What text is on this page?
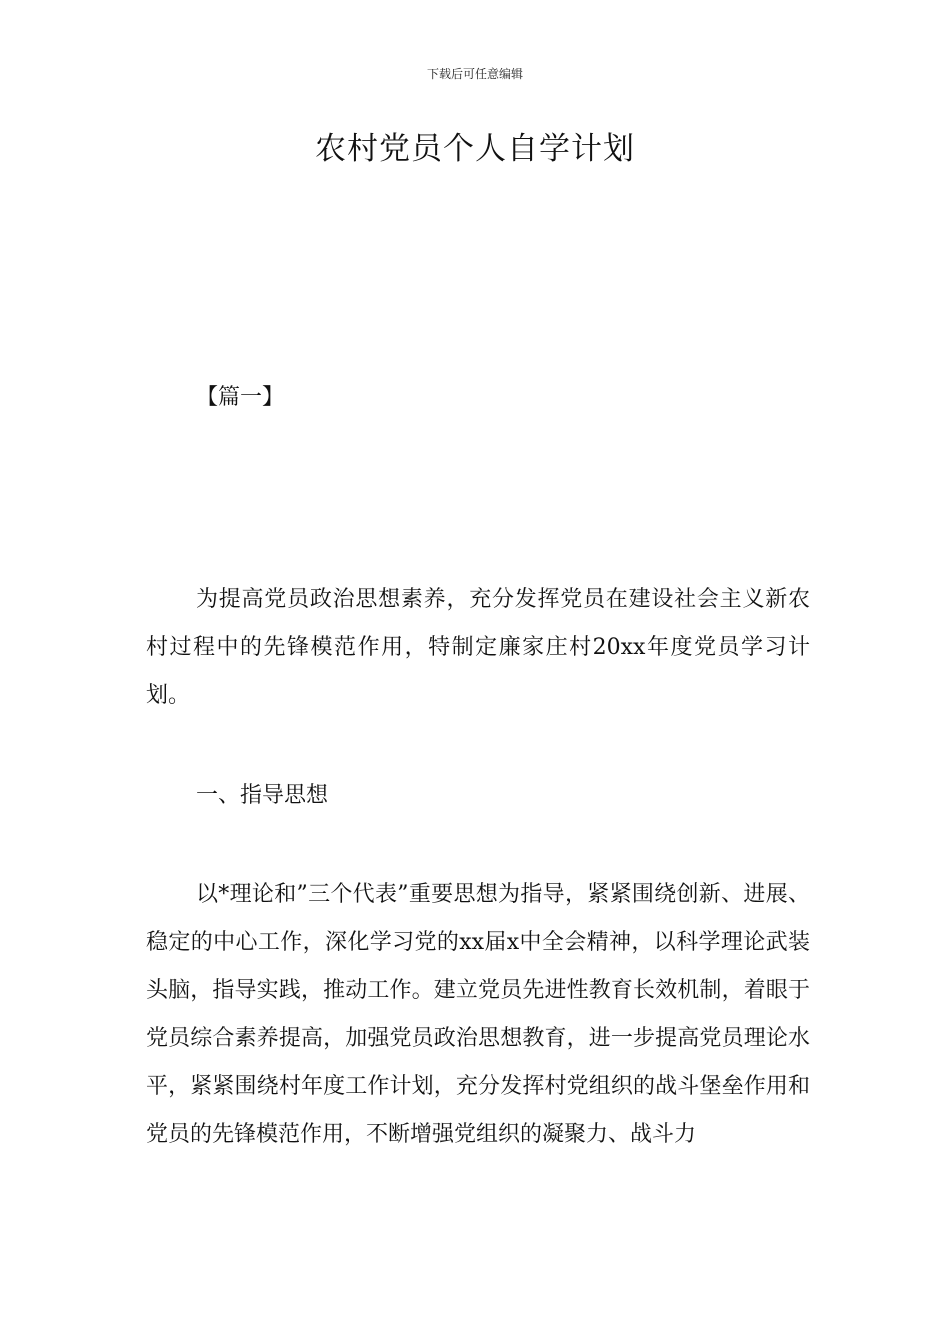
下载后可任意编辑
农村党员个人自学计划
【篇一】

为提高党员政治思想素养，充分发挥党员在建设社会主义新农村过程中的先锋模范作用，特制定廉家庄村20xx年度党员学习计划。

一、指导思想

以*理论和”三个代表”重要思想为指导，紧紧围绕创新、进展、稳定的中心工作，深化学习党的xx届x中全会精神，以科学理论武装头脑，指导实践，推动工作。建立党员先进性教育长效机制，着眼于党员综合素养提高，加强党员政治思想教育，进一步提高党员理论水平，紧紧围绕村年度工作计划，充分发挥村党组织的战斗堡垒作用和党员的先锋模范作用，不断增强党组织的凝聚力、战斗力
